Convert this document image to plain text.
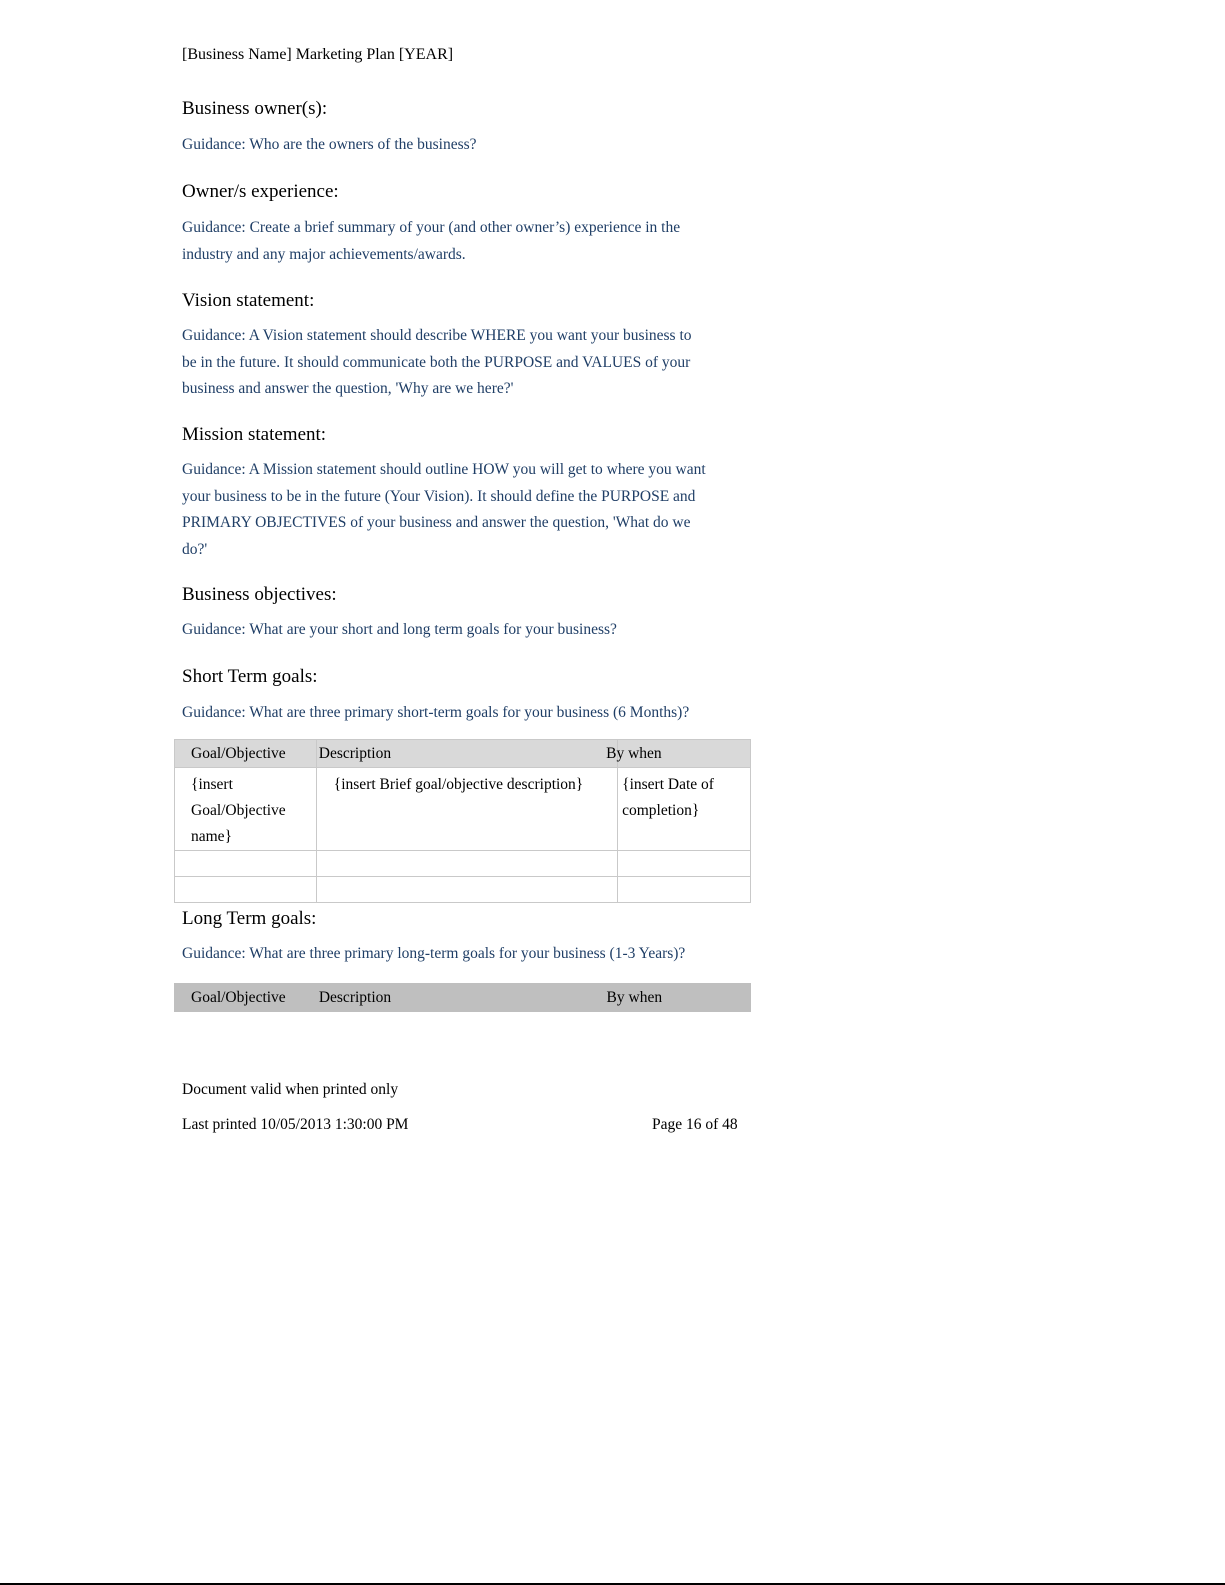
[Business Name] Marketing Plan [YEAR]
Business owner(s):
Guidance: Who are the owners of the business?
Owner/s experience:
Guidance: Create a brief summary of your (and other owner’s) experience in the industry and any major achievements/awards.
Vision statement:
Guidance: A Vision statement should describe WHERE you want your business to be in the future. It should communicate both the PURPOSE and VALUES of your business and answer the question, 'Why are we here?'
Mission statement:
Guidance: A Mission statement should outline HOW you will get to where you want your business to be in the future (Your Vision). It should define the PURPOSE and PRIMARY OBJECTIVES of your business and answer the question, 'What do we do?'
Business objectives:
Guidance: What are your short and long term goals for your business?
Short Term goals:
Guidance: What are three primary short-term goals for your business (6 Months)?
Goal/Objective	Description	By when

{insert Goal/Objective name}	{insert Brief goal/objective description}	{insert Date of completion}

Long Term goals:
Guidance: What are three primary long-term goals for your business (1-3 Years)?
Goal/Objective	Description	By when
Document valid when printed only
Last printed 10/05/2013 1:30:00 PM	Page 16 of 48
